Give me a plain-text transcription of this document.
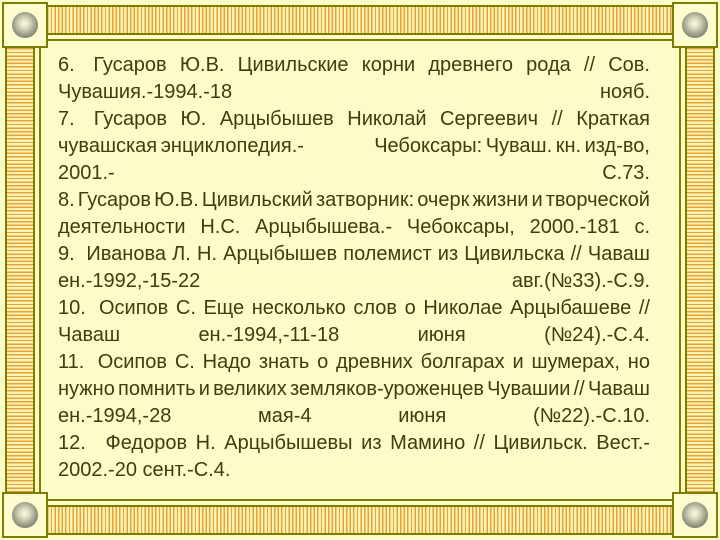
6. Гусаров Ю.В. Цивильские корни древнего рода // Сов.
Чувашия.-1994.-18	нояб.
7. Гусаров Ю. Арцыбышев Николай Сергеевич // Краткая
чувашская энциклопедия.- Чебоксары: Чуваш. кн. изд-во,
2001.-	С.73.
8. Гусаров Ю.В. Цивильский затворник: очерк жизни и творческой
деятельности Н.С. Арцыбышева.- Чебоксары, 2000.-181 с.
9. Иванова Л. Н. Арцыбышев полемист из Цивильска // Чаваш
ен.-1992,-15-22	авг.(№33).-С.9.
10. Осипов С. Еще несколько слов о Николае Арцыбашеве //
Чаваш	ен.-1994,-11-18	июня	(№24).-С.4.
11. Осипов С. Надо знать о древних болгарах и шумерах, но
нужно помнить и великих земляков-уроженцев Чувашии // Чаваш
ен.-1994,-28	мая-4	июня	(№22).-С.10.
12. Федоров Н. Арцыбышевы из Мамино // Цивильск. Вест.-
2002.-20 сент.-С.4.
